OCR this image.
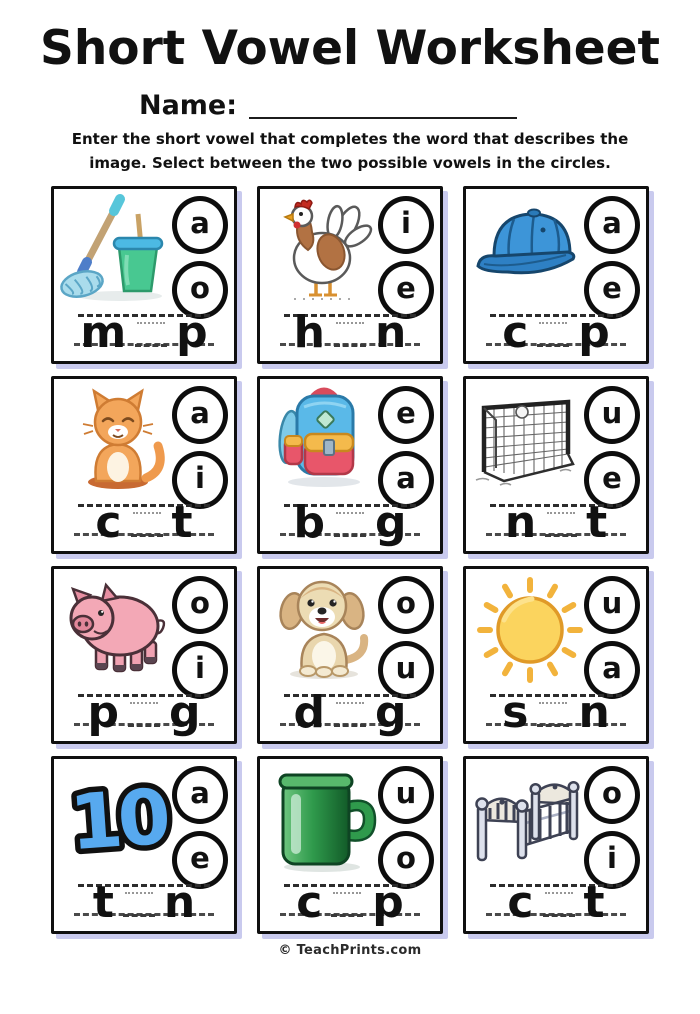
Short Vowel Worksheet
Name:
Enter the short vowel that completes the word that describes the
image. Select between the two possible vowels in the circles.
a
o
m p
i
e
h n
a
e
c p
a
i
c t
e
a
b g
u
e
n t
o
i
p g
o
u
d g
u
a
s n
10 a
e
t n
u
o
c p
o
i
c t
© TeachPrints.com
